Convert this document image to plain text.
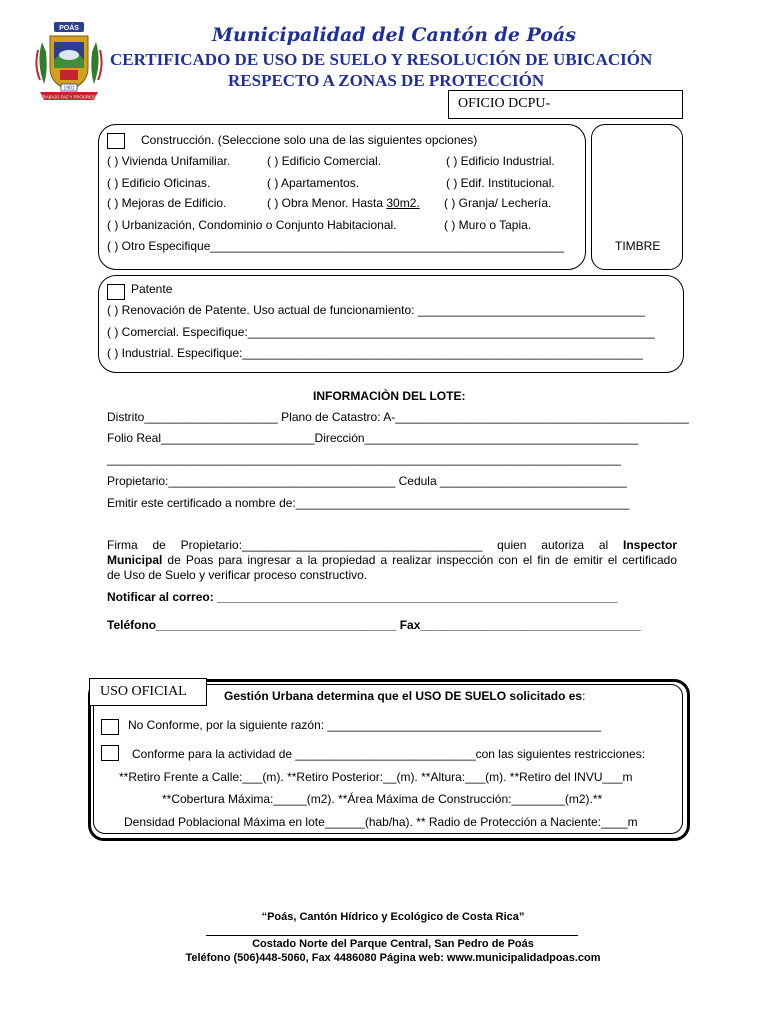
POÁS
TRABAJO PAZ Y PROGRESO
1901
Municipalidad del Cantón de Poás
CERTIFICADO DE USO DE SUELO Y RESOLUCIÓN DE UBICACIÓN
RESPECTO A ZONAS DE PROTECCIÓN
OFICIO DCPU-
Construcción. (Seleccione solo una de las siguientes opciones)
( ) Vivienda Unifamiliar.	( ) Edificio Comercial.	( ) Edificio Industrial.
( ) Edificio Oficinas.	( ) Apartamentos.	( ) Edif. Institucional.
( ) Mejoras de Edificio.	( ) Obra Menor. Hasta 30m2. ( ) Granja/ Lechería.
( ) Urbanización, Condominio o Conjunto Habitacional.	( ) Muro o Tapia.
( ) Otro Especifique_____________________________________________________	TIMBRE
Patente
( ) Renovación de Patente. Uso actual de funcionamiento: __________________________________
( ) Comercial. Especifique:_____________________________________________________________
( ) Industrial. Especifique:____________________________________________________________
INFORMACIÒN DEL LOTE:
Distrito____________________ Plano de Catastro: A-____________________________________________
Folio Real_______________________Dirección_________________________________________
_____________________________________________________________________________
Propietario:__________________________________ Cedula ____________________________
Emitir este certificado a nombre de:__________________________________________________
Firma de Propietario:____________________________________ quien autoriza al Inspector
Municipal de Poas para ingresar a la propiedad a realizar inspección con el fin de emitir el certificado
de Uso de Suelo y verificar proceso constructivo.
Notificar al correo: ____________________________________________________________
Teléfono____________________________________ Fax_________________________________
USO OFICIAL	Gestión Urbana determina que el USO DE SUELO solicitado es:
No Conforme, por la siguiente razón: _________________________________________
Conforme para la actividad de ___________________________con las siguientes restricciones:
**Retiro Frente a Calle:___(m). **Retiro Posterior:__(m). **Altura:___(m). **Retiro del INVU___m
**Cobertura Máxima:_____(m2). **Área Máxima de Construcción:________(m2).**
Densidad Poblacional Máxima en lote______(hab/ha). ** Radio de Protección a Naciente:____m
“Poás, Cantón Hídrico y Ecológico de Costa Rica”
Costado Norte del Parque Central, San Pedro de Poás
Teléfono (506)448-5060, Fax 4486080 Página web: www.municipalidadpoas.com
